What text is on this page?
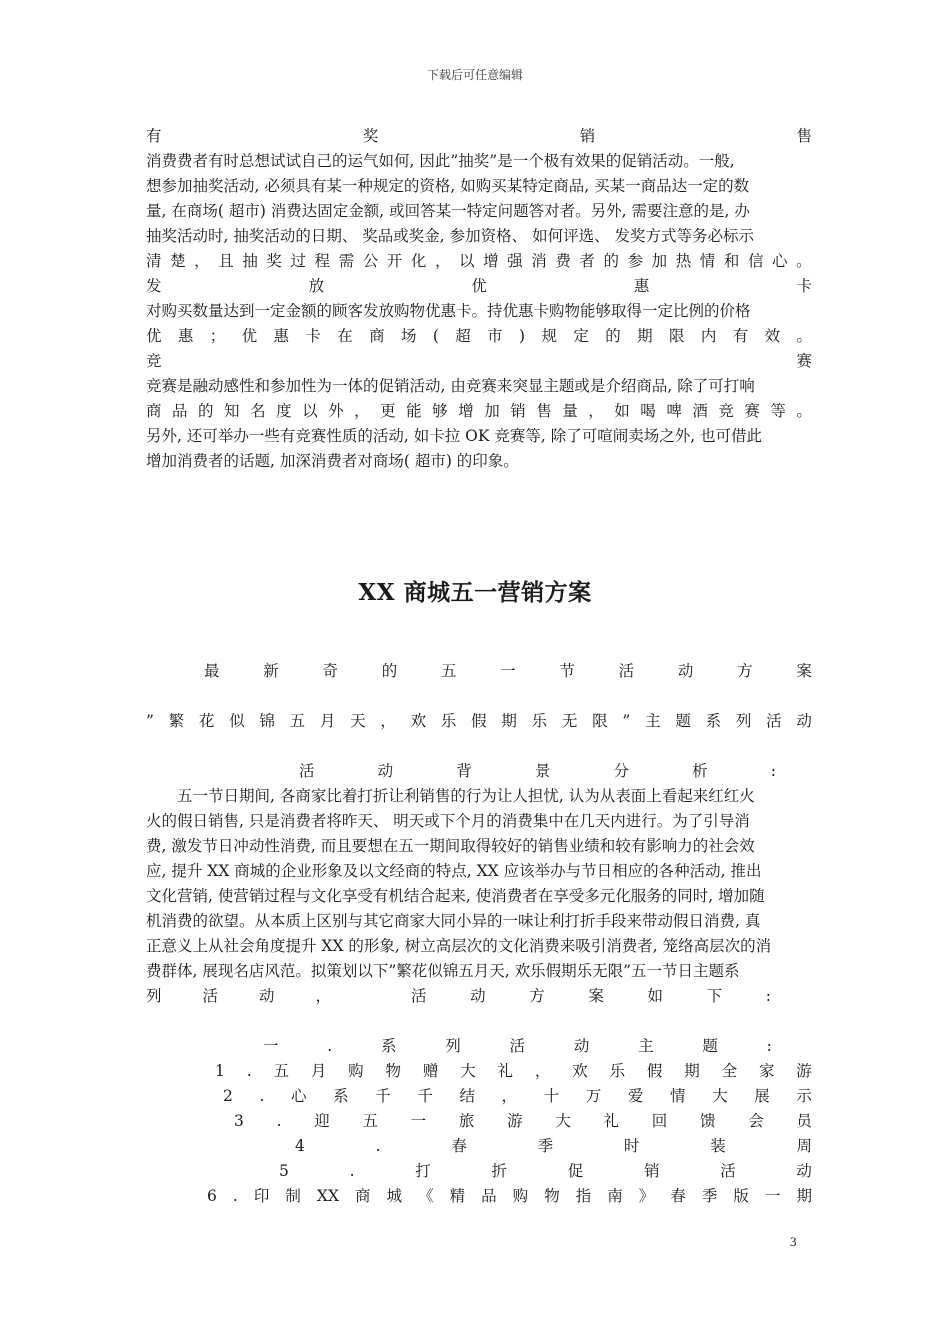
下载后可任意编辑
有	奖	销	售
消费费者有时总想试试自己的运气如何, 因此”抽奖”是一个极有效果的促销活动。一般,
想参加抽奖活动, 必须具有某一种规定的资格, 如购买某特定商品, 买某一商品达一定的数
量, 在商场( 超市) 消费达固定金额, 或回答某一特定问题答对者。另外, 需要注意的是, 办
抽奖活动时, 抽奖活动的日期、 奖品或奖金, 参加资格、 如何评选、 发奖方式等务必标示
清 楚 ， 且 抽 奖 过 程 需 公 开 化 ， 以 增 强 消 费 者 的 参 加 热 情 和 信 心 。
发	放	优	惠	卡
对购买数量达到一定金额的顾客发放购物优惠卡。持优惠卡购物能够取得一定比例的价格
优 惠 ； 优 惠 卡 在 商 场 ( 超 市 ) 规 定 的 期 限 内 有 效 。
竞	赛
竞赛是融动感性和参加性为一体的促销活动, 由竞赛来突显主题或是介绍商品, 除了可打响
商 品 的 知 名 度 以 外 ， 更 能 够 增 加 销 售 量 ， 如 喝 啤 酒 竞 赛 等 。
另外, 还可举办一些有竞赛性质的活动, 如卡拉 OK 竞赛等, 除了可喧闹卖场之外, 也可借此
增加消费者的话题, 加深消费者对商场( 超市) 的印象。
XX 商城五一营销方案
最	新	奇	的	五	一	节	活	动	方	案
” 繁 花 似 锦 五 月 天 ， 欢 乐 假 期 乐 无 限 ” 主 题 系 列 活 动
活	动	背	景	分	析	:
五一节日期间, 各商家比着打折让利销售的行为让人担忧, 认为从表面上看起来红红火
火的假日销售, 只是消费者将昨天、 明天或下个月的消费集中在几天内进行。为了引导消
费, 激发节日冲动性消费, 而且要想在五一期间取得较好的销售业绩和较有影响力的社会效
应, 提升 XX 商城的企业形象及以文经商的特点, XX 应该举办与节日相应的各种活动, 推出
文化营销, 使营销过程与文化享受有机结合起来, 使消费者在享受多元化服务的同时, 增加随
机消费的欲望。从本质上区别与其它商家大同小异的一味让利打折手段来带动假日消费, 真
正意义上从社会角度提升 XX 的形象, 树立高层次的文化消费来吸引消费者, 笼络高层次的消
费群体, 展现名店风范。拟策划以下”繁花似锦五月天, 欢乐假期乐无限”五一节日主题系
列	活	动	，	活	动	方	案	如	下	:
一	.	系	列	活	动	主	题	:
1 . 五 月 购 物 赠 大 礼 ， 欢 乐 假 期 全 家 游
2 . 心 系 千 千 结 ， 十 万 爱 情 大 展 示
3 . 迎 五 一 旅 游 大 礼 回 馈 会 员
4	.	春	季	时	装	周
5	.	打	折	促	销	活	动
6 . 印 制 XX 商 城 《 精 品 购 物 指 南 》 春 季 版 一 期
3
